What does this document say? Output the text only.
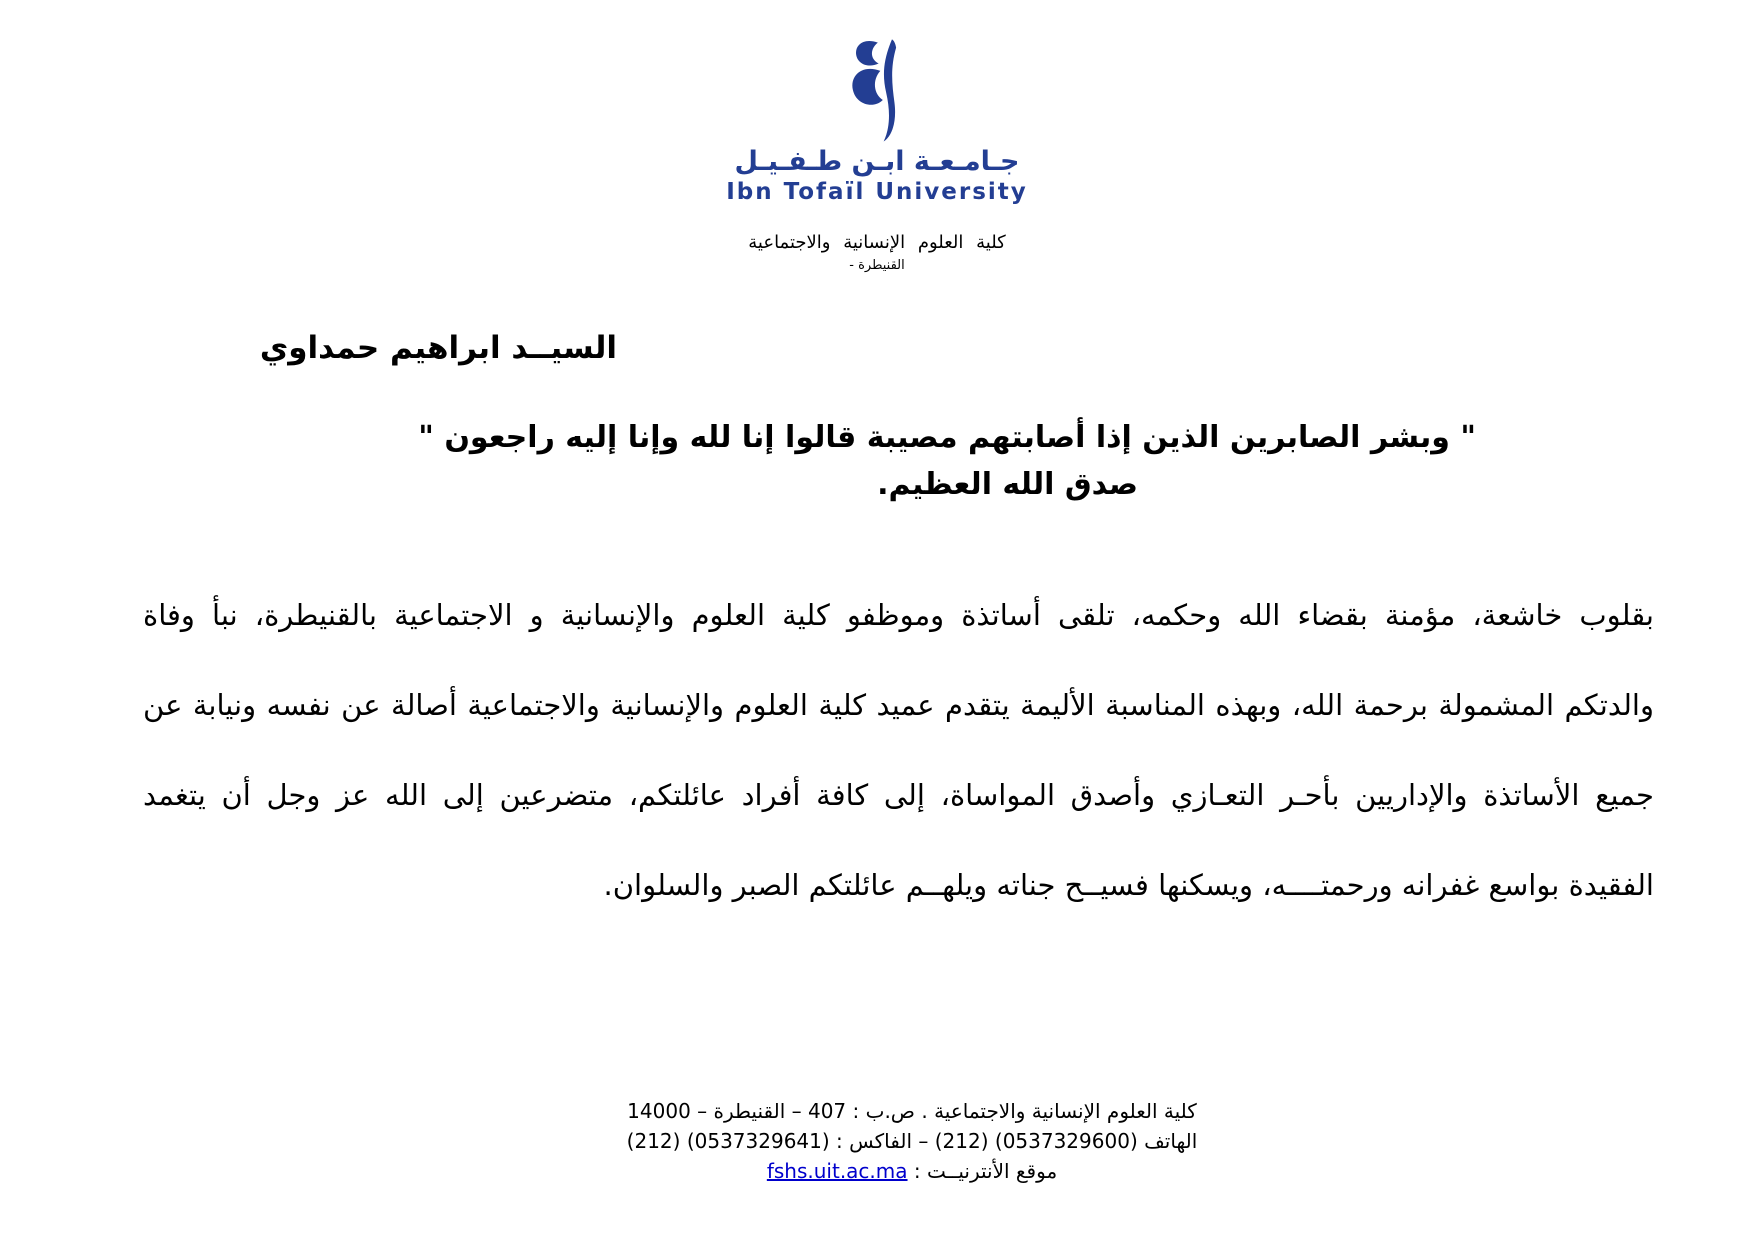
جـامـعـة ابـن طـفـيـل
Ibn Tofaïl University
كلية العلوم الإنسانية والاجتماعية
القنيطرة -
السيــد ابراهيم حمداوي
" وبشر الصابرين الذين إذا أصابتهم مصيبة قالوا إنا لله وإنا إليه راجعون "
صدق الله العظيم.
بقلوب خاشعة، مؤمنة بقضاء الله وحكمه، تلقى أساتذة وموظفو كلية العلوم والإنسانية و الاجتماعية بالقنيطرة، نبأ وفاة
والدتكم المشمولة برحمة الله، وبهذه المناسبة الأليمة يتقدم عميد كلية العلوم والإنسانية والاجتماعية أصالة عن نفسه ونيابة عن
جميع الأساتذة والإداريين بأحـر التعـازي وأصدق المواساة، إلى كافة أفراد عائلتكم، متضرعين إلى الله عز وجل أن يتغمد
الفقيدة بواسع غفرانه ورحمتــــه، ويسكنها فسيــح جناته ويلهــم عائلتكم الصبر والسلوان.
كلية العلوم الإنسانية والاجتماعية . ص.ب : 407 – القنيطرة – 14000
الهاتف (0537329600) (212) – الفاكس : (0537329641) (212)
موقع الأنترنيــت : fshs.uit.ac.ma
